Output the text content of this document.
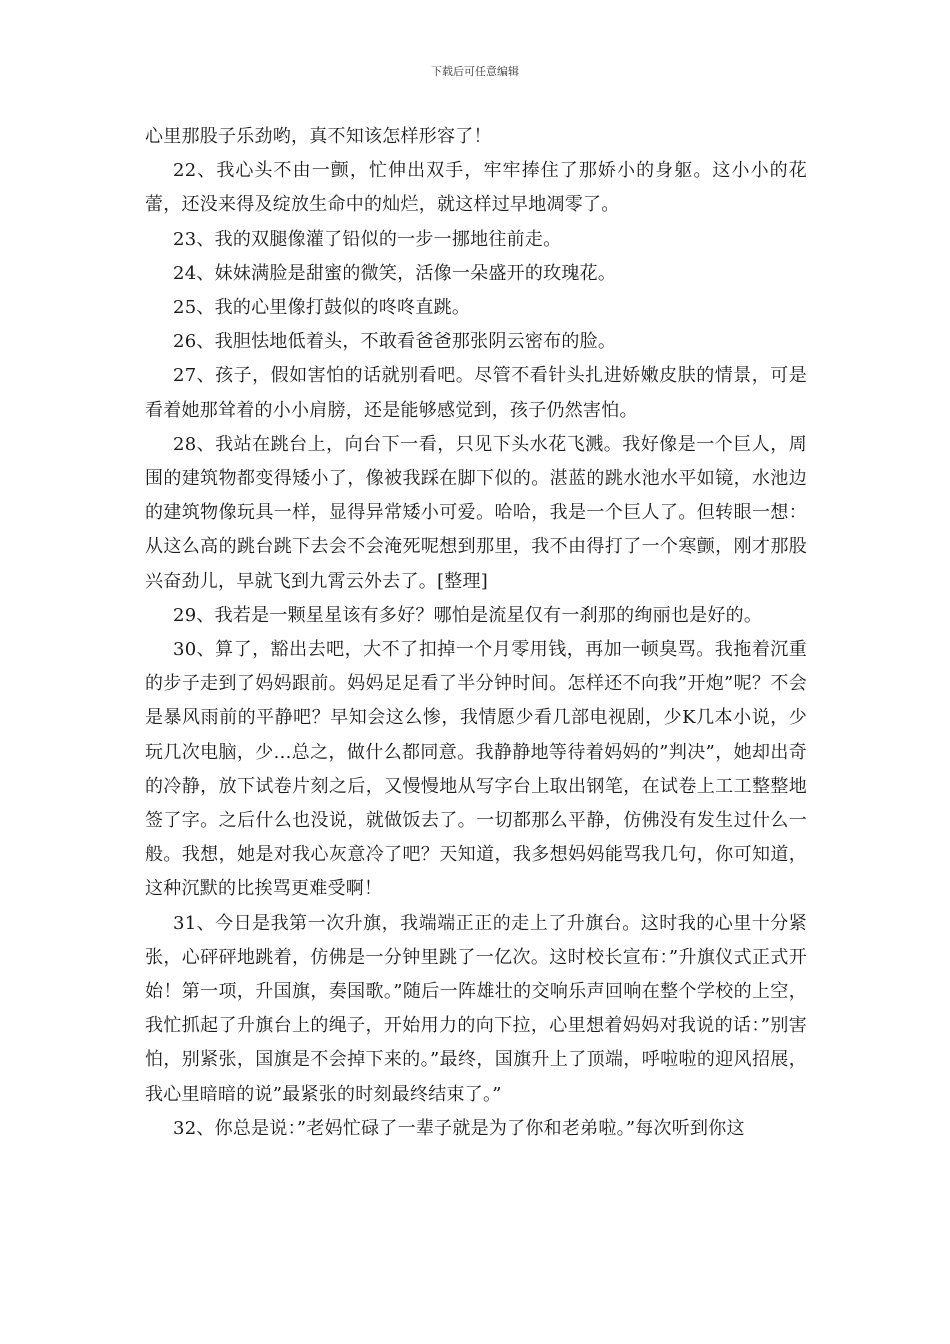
下载后可任意编辑

心里那股子乐劲哟，真不知该怎样形容了！

22、我心头不由一颤，忙伸出双手，牢牢捧住了那娇小的身躯。这小小的花蕾，还没来得及绽放生命中的灿烂，就这样过早地凋零了。

23、我的双腿像灌了铅似的一步一挪地往前走。

24、妹妹满脸是甜蜜的微笑，活像一朵盛开的玫瑰花。

25、我的心里像打鼓似的咚咚直跳。

26、我胆怯地低着头，不敢看爸爸那张阴云密布的脸。

27、孩子，假如害怕的话就别看吧。尽管不看针头扎进娇嫩皮肤的情景，可是看着她那耸着的小小肩膀，还是能够感觉到，孩子仍然害怕。

28、我站在跳台上，向台下一看，只见下头水花飞溅。我好像是一个巨人，周围的建筑物都变得矮小了，像被我踩在脚下似的。湛蓝的跳水池水平如镜，水池边的建筑物像玩具一样，显得异常矮小可爱。哈哈，我是一个巨人了。但转眼一想：从这么高的跳台跳下去会不会淹死呢想到那里，我不由得打了一个寒颤，刚才那股兴奋劲儿，早就飞到九霄云外去了。[整理]

29、我若是一颗星星该有多好？哪怕是流星仅有一刹那的绚丽也是好的。

30、算了，豁出去吧，大不了扣掉一个月零用钱，再加一顿臭骂。我拖着沉重的步子走到了妈妈跟前。妈妈足足看了半分钟时间。怎样还不向我”开炮”呢？不会是暴风雨前的平静吧？早知会这么惨，我情愿少看几部电视剧，少K几本小说，少玩几次电脑，少...总之，做什么都同意。我静静地等待着妈妈的”判决”，她却出奇的冷静，放下试卷片刻之后，又慢慢地从写字台上取出钢笔，在试卷上工工整整地签了字。之后什么也没说，就做饭去了。一切都那么平静，仿佛没有发生过什么一般。我想，她是对我心灰意冷了吧？天知道，我多想妈妈能骂我几句，你可知道，这种沉默的比挨骂更难受啊！

31、今日是我第一次升旗，我端端正正的走上了升旗台。这时我的心里十分紧张，心砰砰地跳着，仿佛是一分钟里跳了一亿次。这时校长宣布：”升旗仪式正式开始！第一项，升国旗，奏国歌。”随后一阵雄壮的交响乐声回响在整个学校的上空，我忙抓起了升旗台上的绳子，开始用力的向下拉，心里想着妈妈对我说的话：”别害怕，别紧张，国旗是不会掉下来的。”最终，国旗升上了顶端，呼啦啦的迎风招展，我心里暗暗的说”最紧张的时刻最终结束了。”

32、你总是说：”老妈忙碌了一辈子就是为了你和老弟啦。”每次听到你这
